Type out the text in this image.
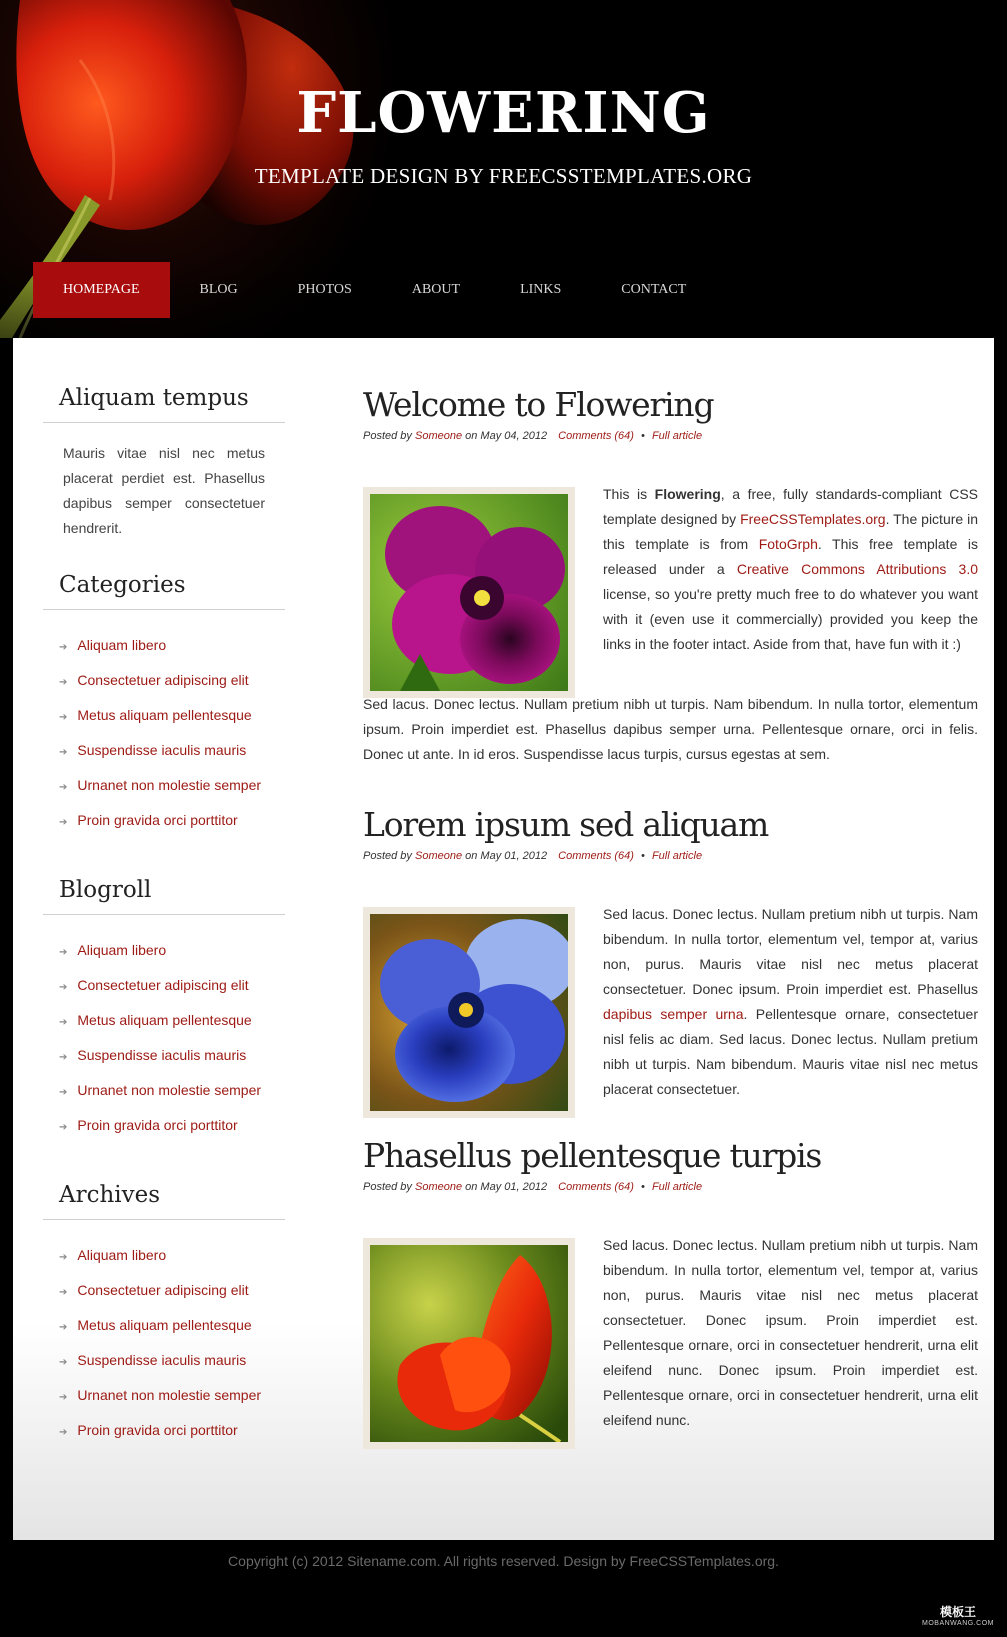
FLOWERING

TEMPLATE DESIGN BY FREECSSTEMPLATES.ORG

HOMEPAGE	BLOG	PHOTOS	ABOUT	LINKS	CONTACT
Aliquam tempus

Mauris vitae nisl nec metus placerat perdiet est. Phasellus dapibus semper consectetuer hendrerit.

Categories
➔ Aliquam libero
➔ Consectetuer adipiscing elit
➔ Metus aliquam pellentesque
➔ Suspendisse iaculis mauris
➔ Urnanet non molestie semper
➔ Proin gravida orci porttitor
Blogroll
➔ Aliquam libero
➔ Consectetuer adipiscing elit
➔ Metus aliquam pellentesque
➔ Suspendisse iaculis mauris
➔ Urnanet non molestie semper
➔ Proin gravida orci porttitor
Archives
➔ Aliquam libero
➔ Consectetuer adipiscing elit
➔ Metus aliquam pellentesque
➔ Suspendisse iaculis mauris
➔ Urnanet non molestie semper
➔ Proin gravida orci porttitor
Welcome to Flowering

Posted by Someone on May 04, 2012 Comments (64) • Full article

This is Flowering, a free, fully standards-compliant CSS template designed by FreeCSSTemplates.org. The picture in this template is from FotoGrph. This free template is released under a Creative Commons Attributions 3.0 license, so you're pretty much free to do whatever you want with it (even use it commercially) provided you keep the links in the footer intact. Aside from that, have fun with it :)

Sed lacus. Donec lectus. Nullam pretium nibh ut turpis. Nam bibendum. In nulla tortor, elementum ipsum. Proin imperdiet est. Phasellus dapibus semper urna. Pellentesque ornare, orci in felis. Donec ut ante. In id eros. Suspendisse lacus turpis, cursus egestas at sem.

Lorem ipsum sed aliquam

Posted by Someone on May 01, 2012 Comments (64) • Full article

Sed lacus. Donec lectus. Nullam pretium nibh ut turpis. Nam bibendum. In nulla tortor, elementum vel, tempor at, varius non, purus. Mauris vitae nisl nec metus placerat consectetuer. Donec ipsum. Proin imperdiet est. Phasellus dapibus semper urna. Pellentesque ornare, consectetuer nisl felis ac diam. Sed lacus. Donec lectus. Nullam pretium nibh ut turpis. Nam bibendum. Mauris vitae nisl nec metus placerat consectetuer.

Phasellus pellentesque turpis

Posted by Someone on May 01, 2012 Comments (64) • Full article

Sed lacus. Donec lectus. Nullam pretium nibh ut turpis. Nam bibendum. In nulla tortor, elementum vel, tempor at, varius non, purus. Mauris vitae nisl nec metus placerat consectetuer. Donec ipsum. Proin imperdiet est. Pellentesque ornare, orci in consectetuer hendrerit, urna elit eleifend nunc. Donec ipsum. Proin imperdiet est. Pellentesque ornare, orci in consectetuer hendrerit, urna elit eleifend nunc.

Copyright (c) 2012 Sitename.com. All rights reserved. Design by FreeCSSTemplates.org.

模板王
MOBANWANG.COM
